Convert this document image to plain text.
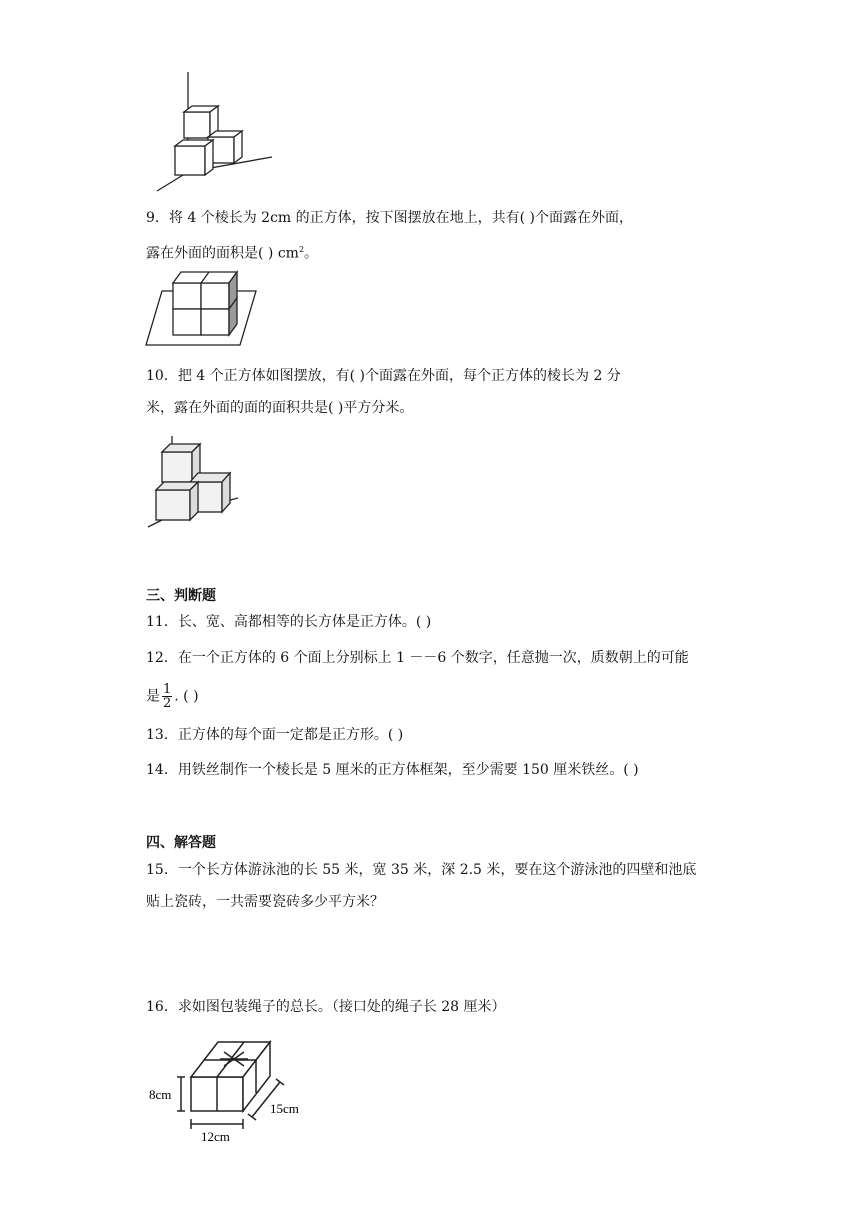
9．将 4 个棱长为 2cm 的正方体，按下图摆放在地上，共有( )个面露在外面，
露在外面的面积是( ) $cm^2$。
10．把 4 个正方体如图摆放，有( )个面露在外面，每个正方体的棱长为 2 分
米，露在外面的面的面积共是( )平方分米。
三、判断题
11．长、宽、高都相等的长方体是正方体。( )
12．在一个正方体的 6 个面上分别标上 1 －－6 个数字，任意抛一次，质数朝上的可能
是 $\frac{1}{2}$ . ( )
13．正方体的每个面一定都是正方形。( )
14．用铁丝制作一个棱长是 5 厘米的正方体框架，至少需要 150 厘米铁丝。( )
四、解答题
15．一个长方体游泳池的长 55 米，宽 35 米，深 2.5 米，要在这个游泳池的四壁和池底
贴上瓷砖，一共需要瓷砖多少平方米？
16．求如图包装绳子的总长。（接口处的绳子长 28 厘米）
8cm
12cm
15cm
